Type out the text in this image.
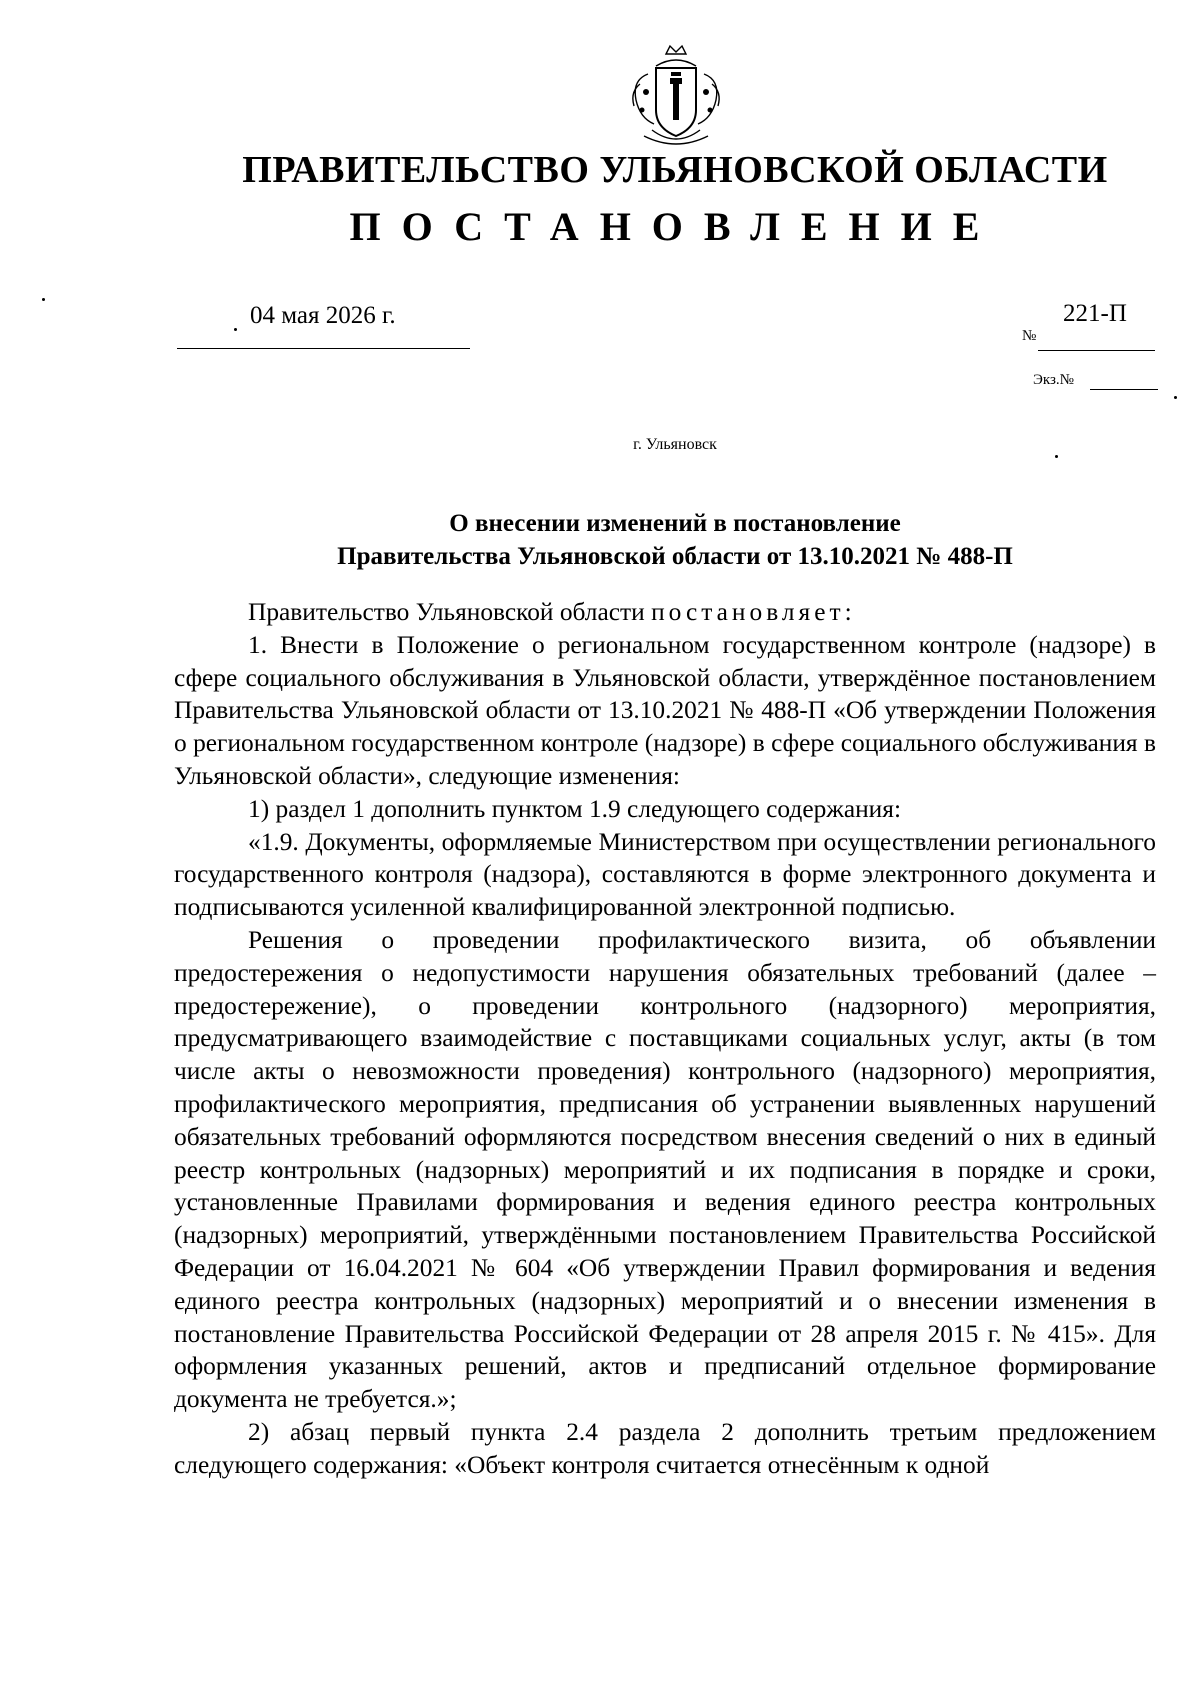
ПРАВИТЕЛЬСТВО УЛЬЯНОВСКОЙ ОБЛАСТИ
ПОСТАНОВЛЕНИЕ
04 мая 2026 г.
№
221-П
Экз.№
г. Ульяновск
О внесении изменений в постановление
Правительства Ульяновской области от 13.10.2021 № 488-П

Правительство Ульяновской области постановляет:

1. Внести в Положение о региональном государственном контроле (надзоре) в сфере социального обслуживания в Ульяновской области, утверждённое постановлением Правительства Ульяновской области от 13.10.2021 № 488-П «Об утверждении Положения о региональном государственном контроле (надзоре) в сфере социального обслуживания в Ульяновской области», следующие изменения:

1) раздел 1 дополнить пунктом 1.9 следующего содержания:

«1.9. Документы, оформляемые Министерством при осуществлении регионального государственного контроля (надзора), составляются в форме электронного документа и подписываются усиленной квалифицированной электронной подписью.

Решения о проведении профилактического визита, об объявлении предостережения о недопустимости нарушения обязательных требований (далее – предостережение), о проведении контрольного (надзорного) мероприятия, предусматривающего взаимодействие с поставщиками социальных услуг, акты (в том числе акты о невозможности проведения) контрольного (надзорного) мероприятия, профилактического мероприятия, предписания об устранении выявленных нарушений обязательных требований оформляются посредством внесения сведений о них в единый реестр контрольных (надзорных) мероприятий и их подписания в порядке и сроки, установленные Правилами формирования и ведения единого реестра контрольных (надзорных) мероприятий, утверждёнными постановлением Правительства Российской Федерации от 16.04.2021 № 604 «Об утверждении Правил формирования и ведения единого реестра контрольных (надзорных) мероприятий и о внесении изменения в постановление Правительства Российской Федерации от 28 апреля 2015 г. № 415». Для оформления указанных решений, актов и предписаний отдельное формирование документа не требуется.»;

2) абзац первый пункта 2.4 раздела 2 дополнить третьим предложением следующего содержания: «Объект контроля считается отнесённым к одной
